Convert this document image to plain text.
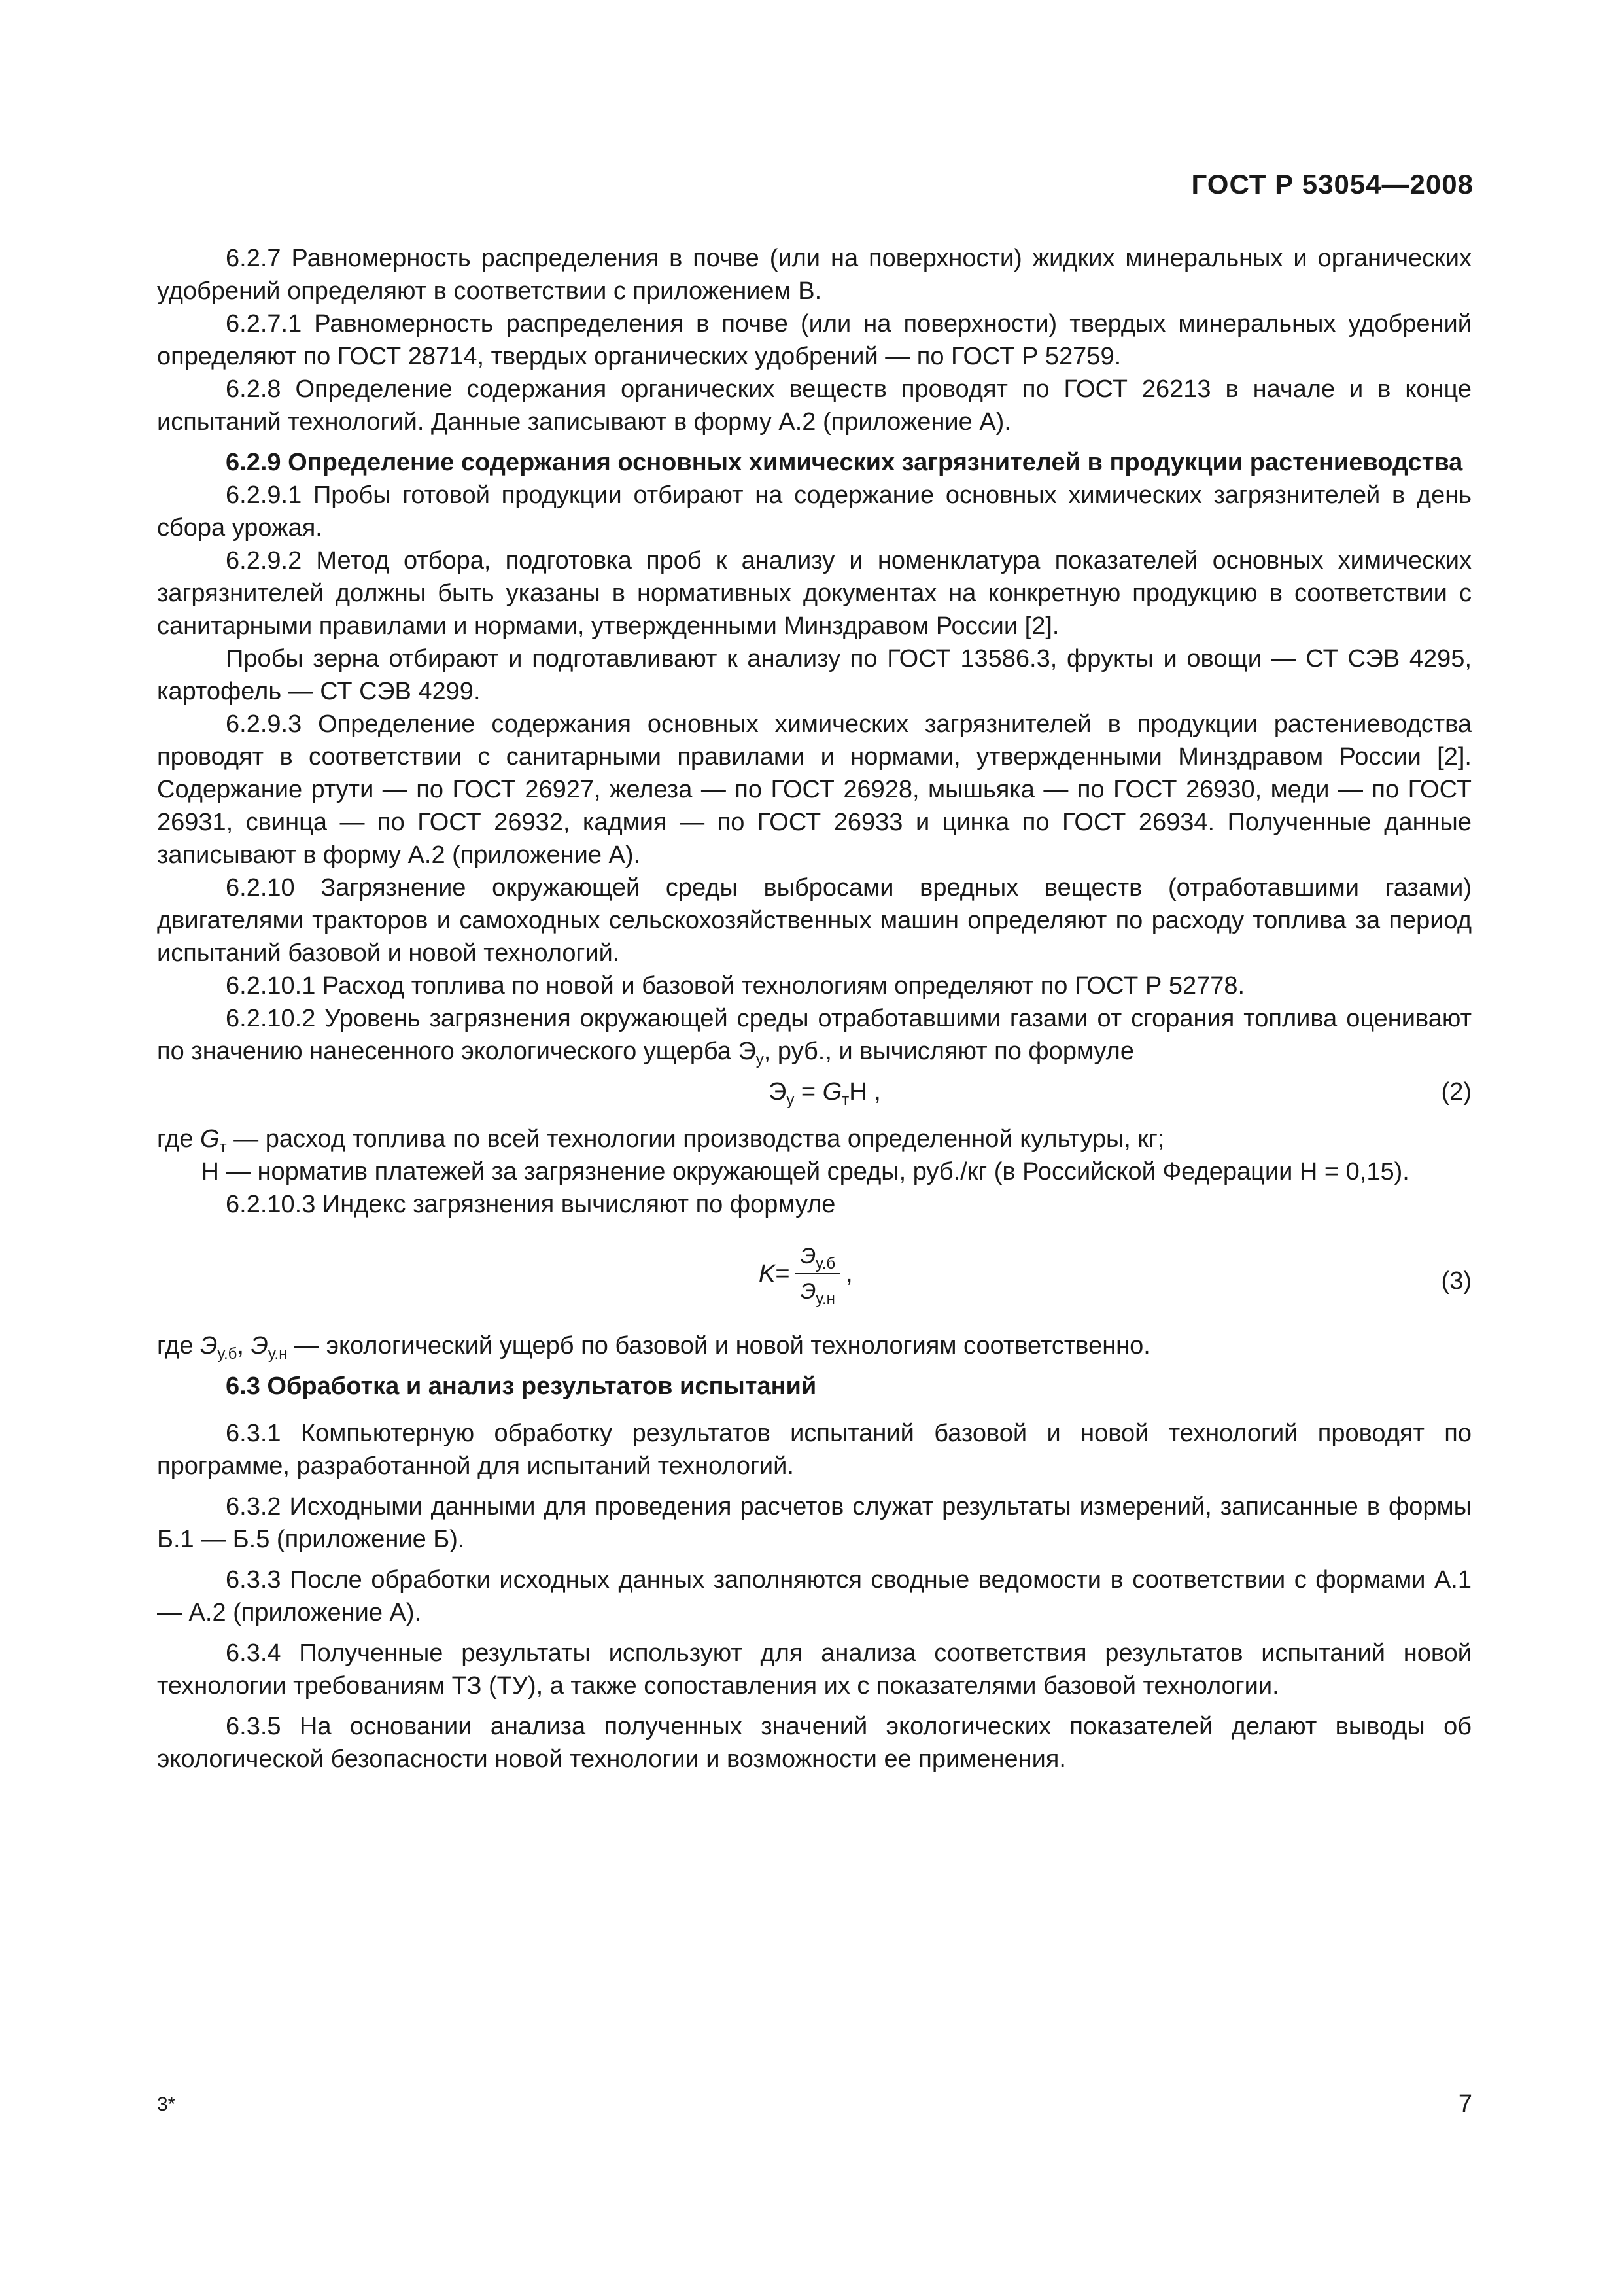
ГОСТ Р 53054—2008

6.2.7 Равномерность распределения в почве (или на поверхности) жидких минеральных и органических удобрений определяют в соответствии с приложением В.

6.2.7.1 Равномерность распределения в почве (или на поверхности) твердых минеральных удобрений определяют по ГОСТ 28714, твердых органических удобрений — по ГОСТ Р 52759.

6.2.8 Определение содержания органических веществ проводят по ГОСТ 26213 в начале и в конце испытаний технологий. Данные записывают в форму А.2 (приложение А).

6.2.9 Определение содержания основных химических загрязнителей в продукции растениеводства

6.2.9.1 Пробы готовой продукции отбирают на содержание основных химических загрязнителей в день сбора урожая.

6.2.9.2 Метод отбора, подготовка проб к анализу и номенклатура показателей основных химических загрязнителей должны быть указаны в нормативных документах на конкретную продукцию в соответствии с санитарными правилами и нормами, утвержденными Минздравом России [2].

Пробы зерна отбирают и подготавливают к анализу по ГОСТ 13586.3, фрукты и овощи — СТ СЭВ 4295, картофель — СТ СЭВ 4299.

6.2.9.3 Определение содержания основных химических загрязнителей в продукции растениеводства проводят в соответствии с санитарными правилами и нормами, утвержденными Минздравом России [2]. Содержание ртути — по ГОСТ 26927, железа — по ГОСТ 26928, мышьяка — по ГОСТ 26930, меди — по ГОСТ 26931, свинца — по ГОСТ 26932, кадмия — по ГОСТ 26933 и цинка по ГОСТ 26934. Полученные данные записывают в форму А.2 (приложение А).

6.2.10 Загрязнение окружающей среды выбросами вредных веществ (отработавшими газами) двигателями тракторов и самоходных сельскохозяйственных машин определяют по расходу топлива за период испытаний базовой и новой технологий.

6.2.10.1 Расход топлива по новой и базовой технологиям определяют по ГОСТ Р 52778.

6.2.10.2 Уровень загрязнения окружающей среды отработавшими газами от сгорания топлива оценивают по значению нанесенного экологического ущерба $Э_у$, руб., и вычисляют по формуле

$Э_у = G_тН$ ,	(2)
где $G_т$ — расход топлива по всей технологии производства определенной культуры, кг;
Н — норматив платежей за загрязнение окружающей среды, руб./кг (в Российской Федерации Н = 0,15).

6.2.10.3 Индекс загрязнения вычисляют по формуле

$K = \frac{Э_{у.б}}{Э_{у.н}}$ ,	(3)
где $Э_{у.б}$, $Э_{у.н}$ — экологический ущерб по базовой и новой технологиям соответственно.

6.3 Обработка и анализ результатов испытаний

6.3.1 Компьютерную обработку результатов испытаний базовой и новой технологий проводят по программе, разработанной для испытаний технологий.

6.3.2 Исходными данными для проведения расчетов служат результаты измерений, записанные в формы Б.1 — Б.5 (приложение Б).

6.3.3 После обработки исходных данных заполняются сводные ведомости в соответствии с формами А.1 — А.2 (приложение А).

6.3.4 Полученные результаты используют для анализа соответствия результатов испытаний новой технологии требованиям ТЗ (ТУ), а также сопоставления их с показателями базовой технологии.

6.3.5 На основании анализа полученных значений экологических показателей делают выводы об экологической безопасности новой технологии и возможности ее применения.

3*	7
